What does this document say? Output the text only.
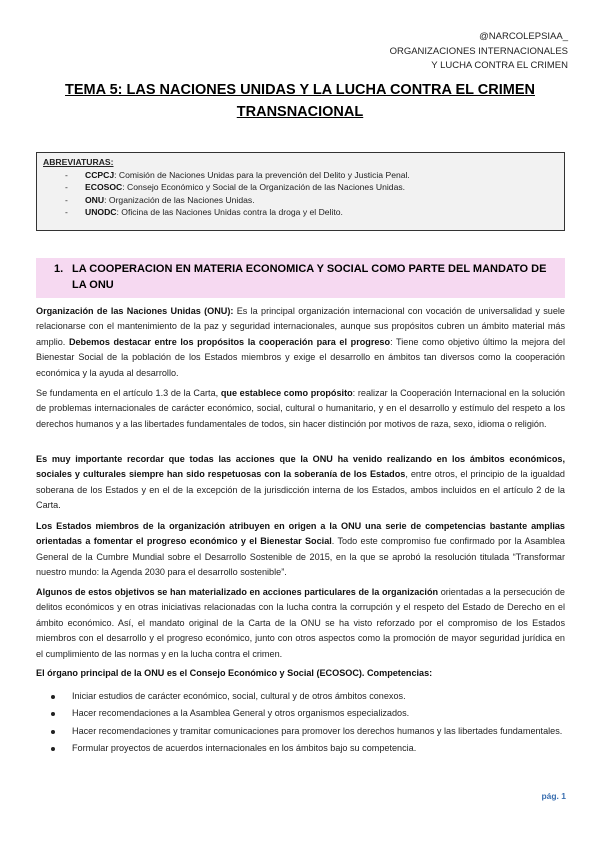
@NARCOLEPSIAA_
ORGANIZACIONES INTERNACIONALES
Y LUCHA CONTRA EL CRIMEN
TEMA 5: LAS NACIONES UNIDAS Y LA LUCHA CONTRA EL CRIMEN
TRANSNACIONAL
ABREVIATURAS:
- CCPCJ: Comisión de Naciones Unidas para la prevención del Delito y Justicia Penal.
- ECOSOC: Consejo Económico y Social de la Organización de las Naciones Unidas.
- ONU: Organización de las Naciones Unidas.
- UNODC: Oficina de las Naciones Unidas contra la droga y el Delito.
1. LA COOPERACION EN MATERIA ECONOMICA Y SOCIAL COMO PARTE DEL MANDATO DE LA ONU

Organización de las Naciones Unidas (ONU): Es la principal organización internacional con vocación de universalidad y suele relacionarse con el mantenimiento de la paz y seguridad internacionales, aunque sus propósitos cubren un ámbito material más amplio. Debemos destacar entre los propósitos la cooperación para el progreso: Tiene como objetivo último la mejora del Bienestar Social de la población de los Estados miembros y exige el desarrollo en ámbitos tan diversos como la cooperación económica y la ayuda al desarrollo.

Se fundamenta en el artículo 1.3 de la Carta, que establece como propósito: realizar la Cooperación Internacional en la solución de problemas internacionales de carácter económico, social, cultural o humanitario, y en el desarrollo y estímulo del respeto a los derechos humanos y a las libertades fundamentales de todos, sin hacer distinción por motivos de raza, sexo, idioma o religión.

Es muy importante recordar que todas las acciones que la ONU ha venido realizando en los ámbitos económicos, sociales y culturales siempre han sido respetuosas con la soberanía de los Estados, entre otros, el principio de la igualdad soberana de los Estados y en el de la excepción de la jurisdicción interna de los Estados, ambos incluidos en el artículo 2 de la Carta.

Los Estados miembros de la organización atribuyen en origen a la ONU una serie de competencias bastante amplias orientadas a fomentar el progreso económico y el Bienestar Social. Todo este compromiso fue confirmado por la Asamblea General de la Cumbre Mundial sobre el Desarrollo Sostenible de 2015, en la que se aprobó la resolución titulada “Transformar nuestro mundo: la Agenda 2030 para el desarrollo sostenible”.

Algunos de estos objetivos se han materializado en acciones particulares de la organización orientadas a la persecución de delitos económicos y en otras iniciativas relacionadas con la lucha contra la corrupción y el respeto del Estado de Derecho en el ámbito económico. Así, el mandato original de la Carta de la ONU se ha visto reforzado por el compromiso de los Estados miembros con el desarrollo y el progreso económico, junto con otros aspectos como la promoción de mayor seguridad jurídica en el cumplimiento de las normas y en la lucha contra el crimen.

El órgano principal de la ONU es el Consejo Económico y Social (ECOSOC). Competencias:

Iniciar estudios de carácter económico, social, cultural y de otros ámbitos conexos.
Hacer recomendaciones a la Asamblea General y otros organismos especializados.
Hacer recomendaciones y tramitar comunicaciones para promover los derechos humanos y las libertades fundamentales.
Formular proyectos de acuerdos internacionales en los ámbitos bajo su competencia.
pág. 1
